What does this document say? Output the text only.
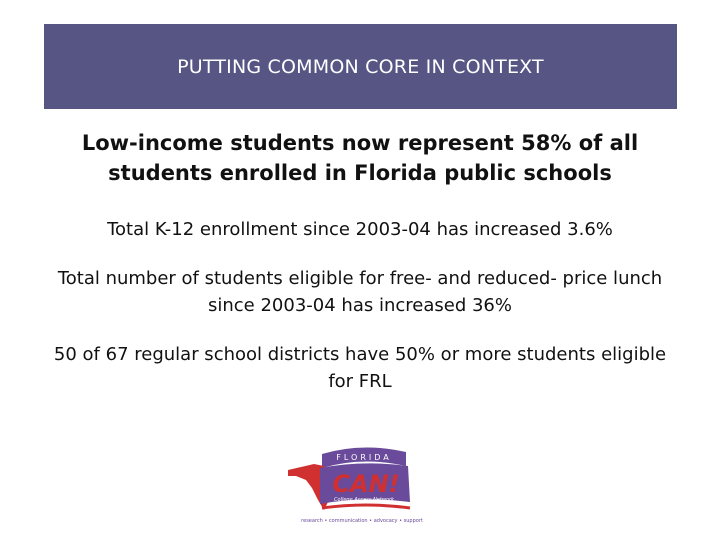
PUTTING COMMON CORE IN CONTEXT

Low-income students now represent 58% of all students enrolled in Florida public schools

Total K-12 enrollment since 2003-04 has increased 3.6%

Total number of students eligible for free- and reduced- price lunch since 2003-04 has increased 36%

50 of 67 regular school districts have 50% or more students eligible for FRL

FLORIDA
CAN!
College Access Network
research • communication • advocacy • support
